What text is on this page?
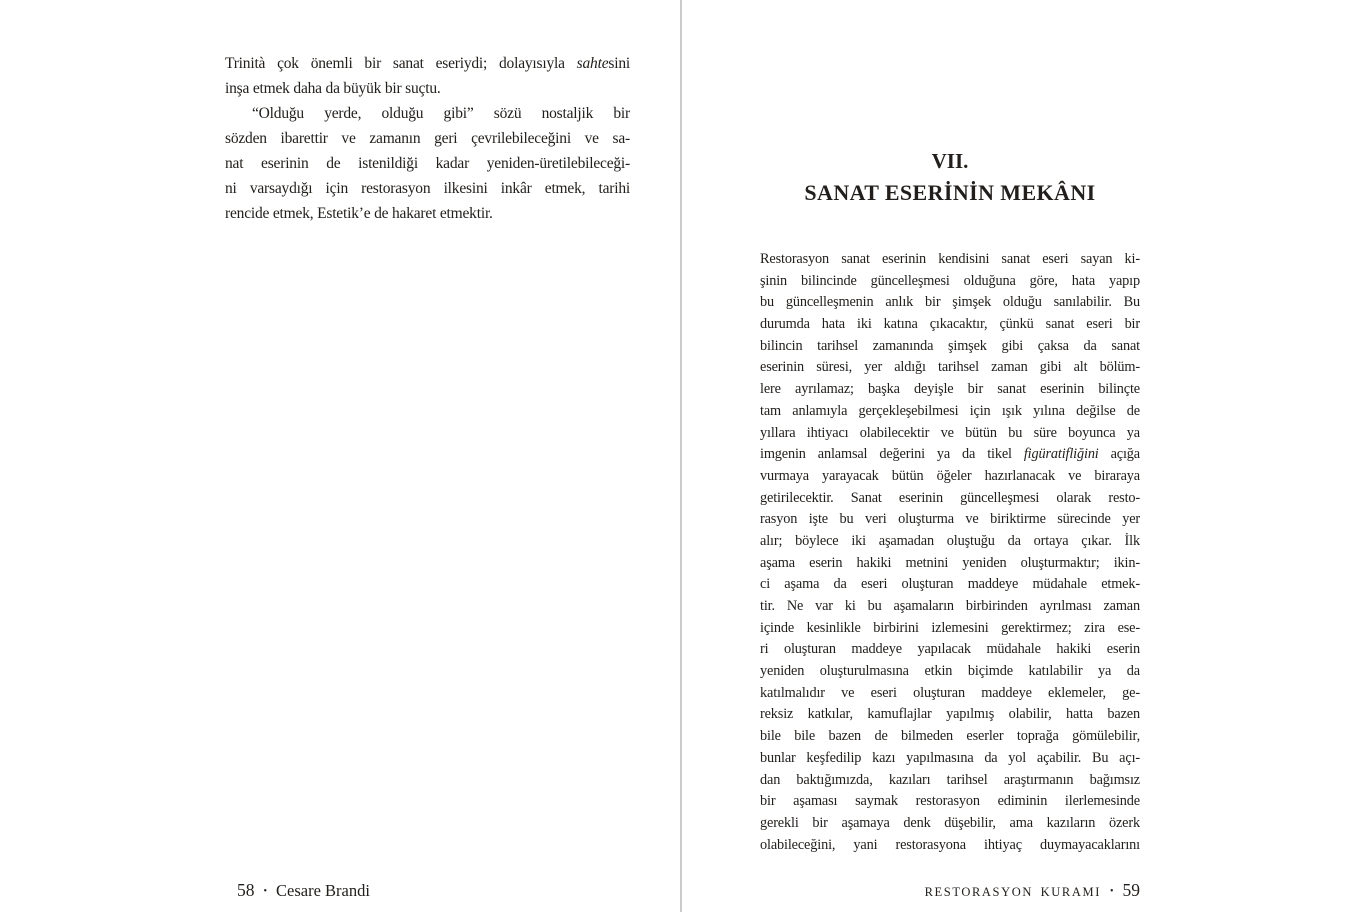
Trinità çok önemli bir sanat eseriydi; dolayısıyla sahtesini
inşa etmek daha da büyük bir suçtu.
“Olduğu yerde, olduğu gibi” sözü nostaljik bir
sözden ibarettir ve zamanın geri çevrilebileceğini ve sa-
nat eserinin de istenildiği kadar yeniden-üretilebileceği-
ni varsaydığı için restorasyon ilkesini inkâr etmek, tarihi
rencide etmek, Estetik’e de hakaret etmektir.
58 • Cesare Brandi
VII.
SANAT ESERİNİN MEKÂNI
Restorasyon sanat eserinin kendisini sanat eseri sayan ki-
şinin bilincinde güncelleşmesi olduğuna göre, hata yapıp
bu güncelleşmenin anlık bir şimşek olduğu sanılabilir. Bu
durumda hata iki katına çıkacaktır, çünkü sanat eseri bir
bilincin tarihsel zamanında şimşek gibi çaksa da sanat
eserinin süresi, yer aldığı tarihsel zaman gibi alt bölüm-
lere ayrılamaz; başka deyişle bir sanat eserinin bilinçte
tam anlamıyla gerçekleşebilmesi için ışık yılına değilse de
yıllara ihtiyacı olabilecektir ve bütün bu süre boyunca ya
imgenin anlamsal değerini ya da tikel figüratifliğini açığa
vurmaya yarayacak bütün öğeler hazırlanacak ve biraraya
getirilecektir. Sanat eserinin güncelleşmesi olarak resto-
rasyon işte bu veri oluşturma ve biriktirme sürecinde yer
alır; böylece iki aşamadan oluştuğu da ortaya çıkar. İlk
aşama eserin hakiki metnini yeniden oluşturmaktır; ikin-
ci aşama da eseri oluşturan maddeye müdahale etmek-
tir. Ne var ki bu aşamaların birbirinden ayrılması zaman
içinde kesinlikle birbirini izlemesini gerektirmez; zira ese-
ri oluşturan maddeye yapılacak müdahale hakiki eserin
yeniden oluşturulmasına etkin biçimde katılabilir ya da
katılmalıdır ve eseri oluşturan maddeye eklemeler, ge-
reksiz katkılar, kamuflajlar yapılmış olabilir, hatta bazen
bile bile bazen de bilmeden eserler toprağa gömülebilir,
bunlar keşfedilip kazı yapılmasına da yol açabilir. Bu açı-
dan baktığımızda, kazıları tarihsel araştırmanın bağımsız
bir aşaması saymak restorasyon ediminin ilerlemesinde
gerekli bir aşamaya denk düşebilir, ama kazıların özerk
olabileceğini, yani restorasyona ihtiyaç duymayacaklarını
RESTORASYON KURAMI • 59
